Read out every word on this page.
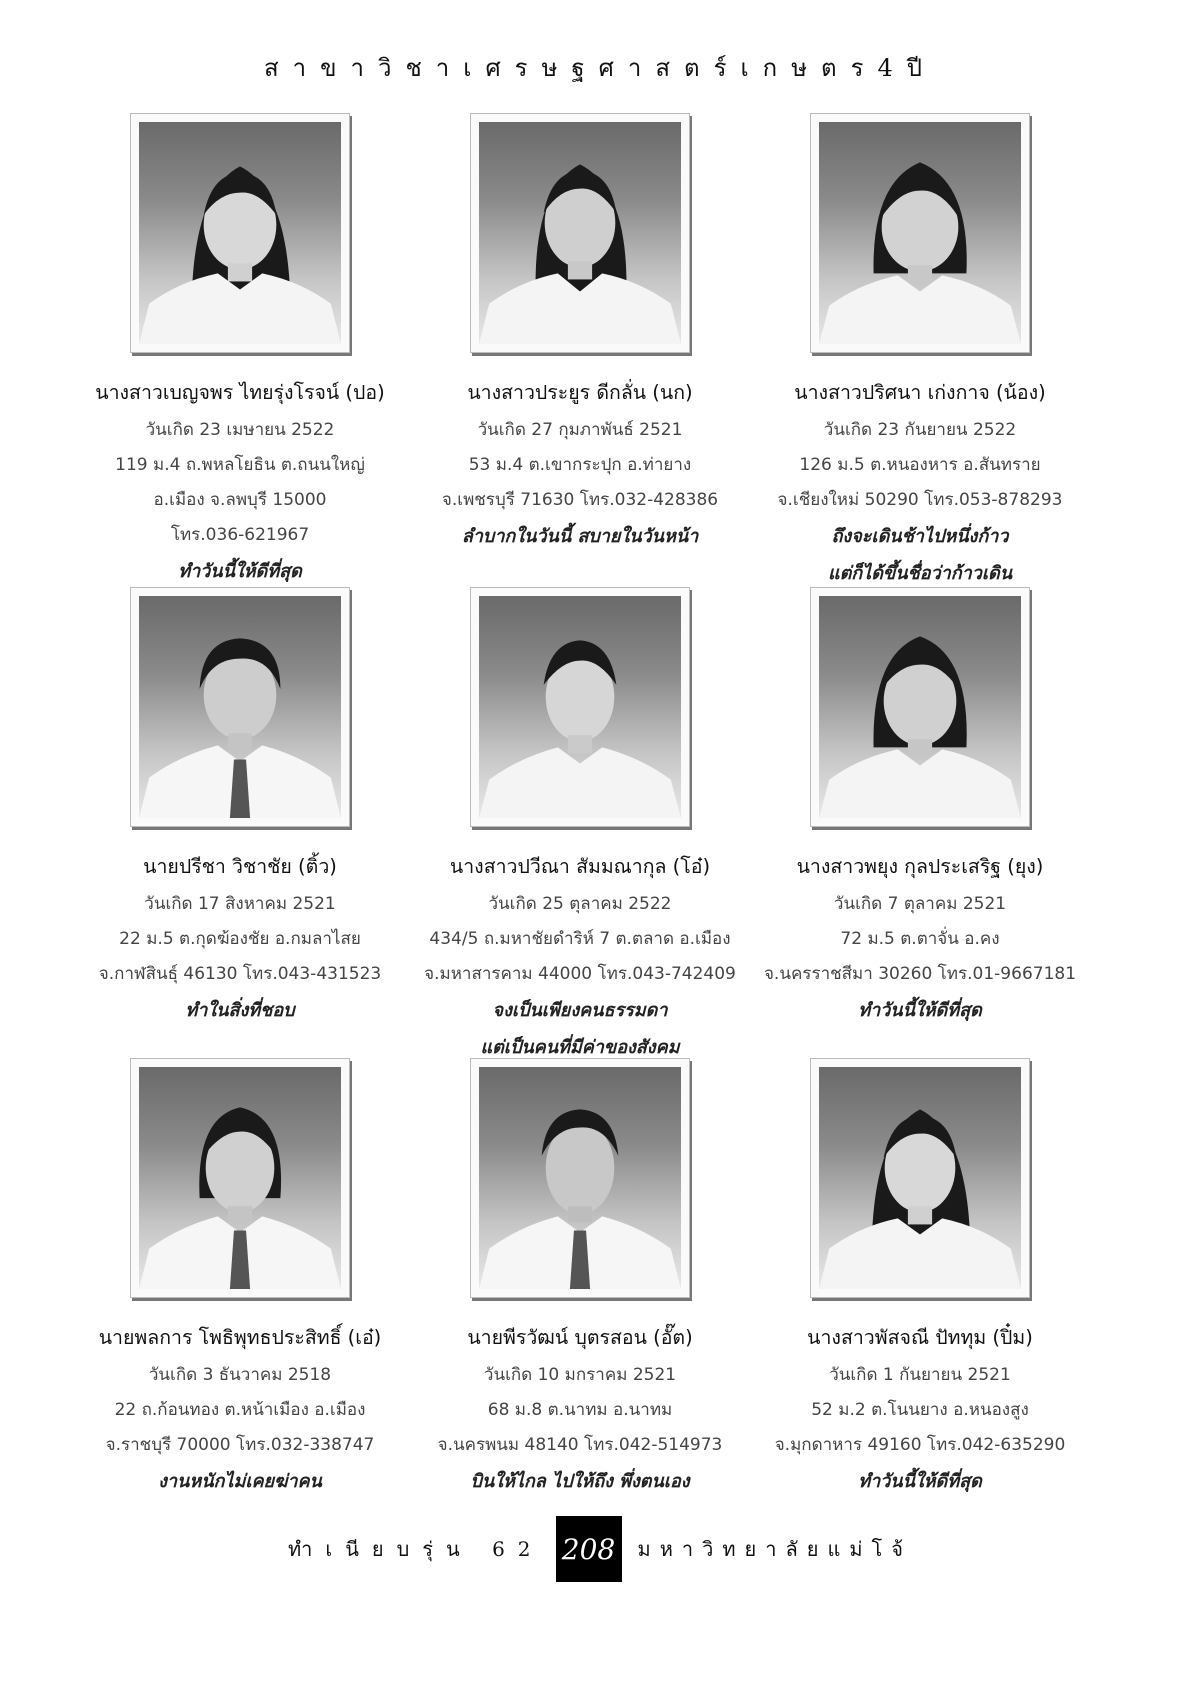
สาขาวิชาเศรษฐศาสตร์เกษตร4ปี
นางสาวเบญจพร ไทยรุ่งโรจน์ (ปอ)
วันเกิด 23 เมษายน 2522
119 ม.4 ถ.พหลโยธิน ต.ถนนใหญ่
อ.เมือง จ.ลพบุรี 15000
โทร.036-621967
ทำวันนี้ให้ดีที่สุด
นางสาวประยูร ดีกลั่น (นก)
วันเกิด 27 กุมภาพันธ์ 2521
53 ม.4 ต.เขากระปุก อ.ท่ายาง
จ.เพชรบุรี 71630 โทร.032-428386
ลำบากในวันนี้ สบายในวันหน้า
นางสาวปริศนา เก่งกาจ (น้อง)
วันเกิด 23 กันยายน 2522
126 ม.5 ต.หนองหาร อ.สันทราย
จ.เชียงใหม่ 50290 โทร.053-878293
ถึงจะเดินช้าไปหนึ่งก้าว
แต่ก็ได้ขึ้นชื่อว่าก้าวเดิน
นายปรีชา วิชาชัย (ติ้ว)
วันเกิด 17 สิงหาคม 2521
22 ม.5 ต.กุดฆ้องชัย อ.กมลาไสย
จ.กาฬสินธุ์ 46130 โทร.043-431523
ทำในสิ่งที่ชอบ
นางสาวปวีณา สัมมณากุล (โอ๋)
วันเกิด 25 ตุลาคม 2522
434/5 ถ.มหาชัยดำริห์ 7 ต.ตลาด อ.เมือง
จ.มหาสารคาม 44000 โทร.043-742409
จงเป็นเพียงคนธรรมดา
แต่เป็นคนที่มีค่าของสังคม
นางสาวพยุง กุลประเสริฐ (ยุง)
วันเกิด 7 ตุลาคม 2521
72 ม.5 ต.ตาจั่น อ.คง
จ.นครราชสีมา 30260 โทร.01-9667181
ทำวันนี้ให้ดีที่สุด
นายพลการ โพธิพุทธประสิทธิ์ (เอ๋)
วันเกิด 3 ธันวาคม 2518
22 ถ.ก้อนทอง ต.หน้าเมือง อ.เมือง
จ.ราชบุรี 70000 โทร.032-338747
งานหนักไม่เคยฆ่าคน
นายพีรวัฒน์ บุตรสอน (อั๊ต)
วันเกิด 10 มกราคม 2521
68 ม.8 ต.นาทม อ.นาทม
จ.นครพนม 48140 โทร.042-514973
บินให้ไกล ไปให้ถึง พึ่งตนเอง
นางสาวพัสจณี ปัททุม (ปิ๋ม)
วันเกิด 1 กันยายน 2521
52 ม.2 ต.โนนยาง อ.หนองสูง
จ.มุกดาหาร 49160 โทร.042-635290
ทำวันนี้ให้ดีที่สุด
ทำเนียบรุ่น 62 208	มหาวิทยาลัยแม่โจ้
